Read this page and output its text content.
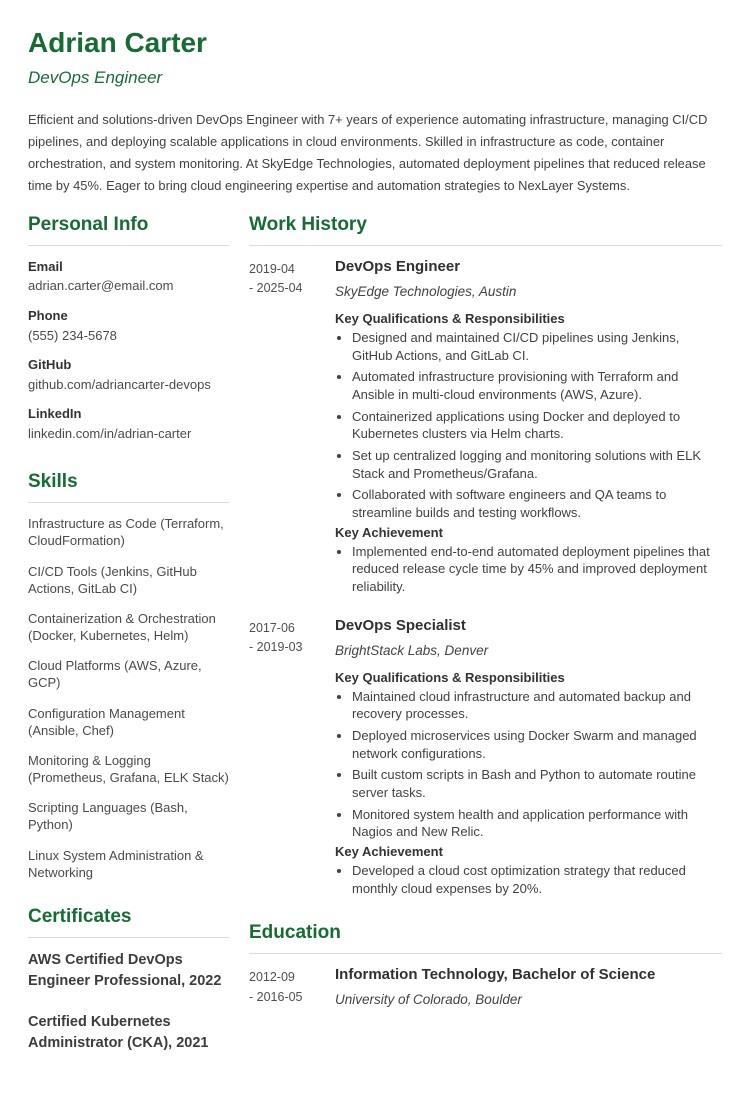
Adrian Carter
DevOps Engineer

Efficient and solutions-driven DevOps Engineer with 7+ years of experience automating infrastructure, managing CI/CD pipelines, and deploying scalable applications in cloud environments. Skilled in infrastructure as code, container orchestration, and system monitoring. At SkyEdge Technologies, automated deployment pipelines that reduced release time by 45%. Eager to bring cloud engineering expertise and automation strategies to NexLayer Systems.

Personal Info
Email
adrian.carter@email.com
Phone
(555) 234-5678
GitHub
github.com/adriancarter-devops
LinkedIn
linkedin.com/in/adrian-carter
Skills
Infrastructure as Code (Terraform, CloudFormation)
CI/CD Tools (Jenkins, GitHub Actions, GitLab CI)
Containerization & Orchestration (Docker, Kubernetes, Helm)
Cloud Platforms (AWS, Azure, GCP)
Configuration Management (Ansible, Chef)
Monitoring & Logging (Prometheus, Grafana, ELK Stack)
Scripting Languages (Bash, Python)
Linux System Administration & Networking
Certificates
AWS Certified DevOps Engineer Professional, 2022
Certified Kubernetes Administrator (CKA), 2021
Work History
2019-04
- 2025-04
DevOps Engineer
SkyEdge Technologies, Austin
Key Qualifications & Responsibilities
• Designed and maintained CI/CD pipelines using Jenkins, GitHub Actions, and GitLab CI.
• Automated infrastructure provisioning with Terraform and Ansible in multi-cloud environments (AWS, Azure).
• Containerized applications using Docker and deployed to Kubernetes clusters via Helm charts.
• Set up centralized logging and monitoring solutions with ELK Stack and Prometheus/Grafana.
• Collaborated with software engineers and QA teams to streamline builds and testing workflows.
Key Achievement
• Implemented end-to-end automated deployment pipelines that reduced release cycle time by 45% and improved deployment reliability.
2017-06
- 2019-03
DevOps Specialist
BrightStack Labs, Denver
Key Qualifications & Responsibilities
• Maintained cloud infrastructure and automated backup and recovery processes.
• Deployed microservices using Docker Swarm and managed network configurations.
• Built custom scripts in Bash and Python to automate routine server tasks.
• Monitored system health and application performance with Nagios and New Relic.
Key Achievement
• Developed a cloud cost optimization strategy that reduced monthly cloud expenses by 20%.
Education
2012-09
- 2016-05
Information Technology, Bachelor of Science
University of Colorado, Boulder
